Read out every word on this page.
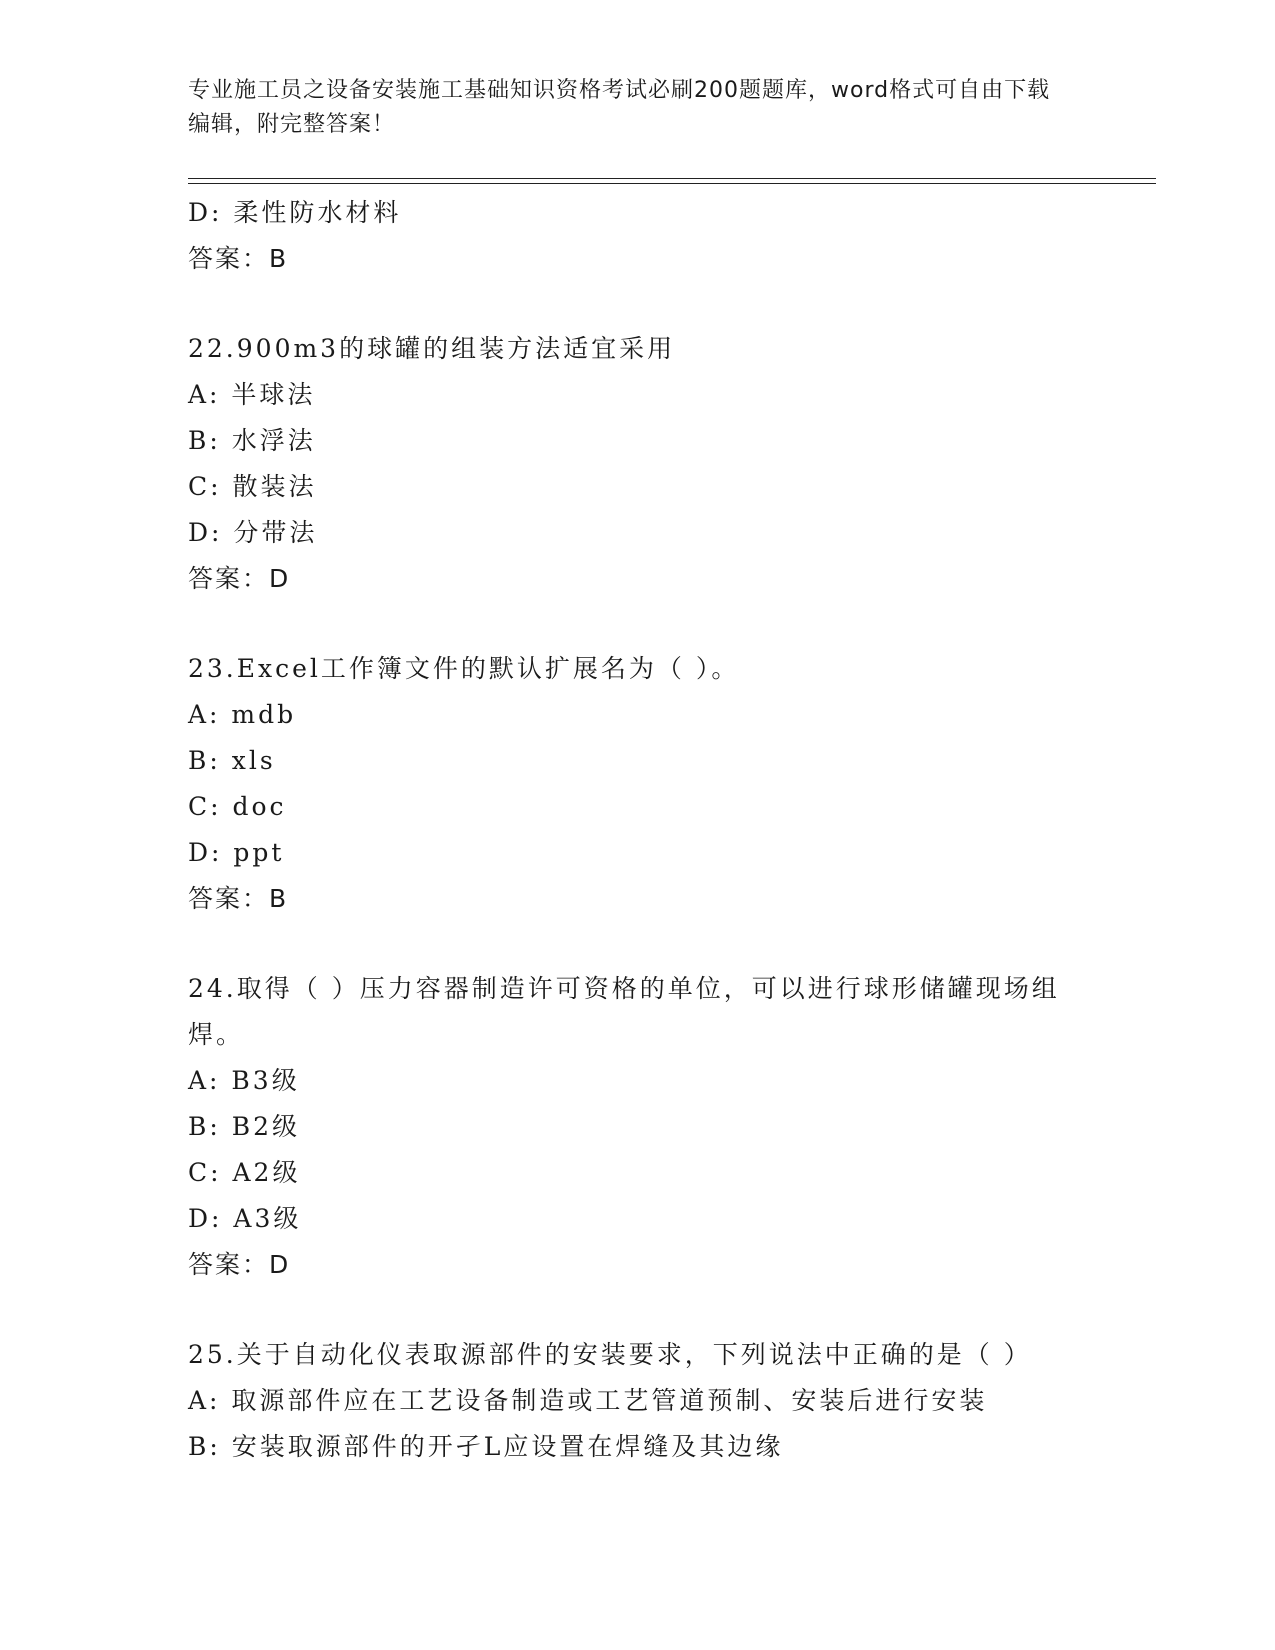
专业施工员之设备安装施工基础知识资格考试必刷200题题库，word格式可自由下载编辑，附完整答案！
D: 柔性防水材料
答案：B
22.900m3的球罐的组装方法适宜采用
A: 半球法
B: 水浮法
C: 散装法
D: 分带法
答案：D
23.Excel工作簿文件的默认扩展名为（ ）。
A: mdb
B: xls
C: doc
D: ppt
答案：B
24.取得（ ）压力容器制造许可资格的单位，可以进行球形储罐现场组焊。
A: B3级
B: B2级
C: A2级
D: A3级
答案：D
25.关于自动化仪表取源部件的安装要求，下列说法中正确的是（ ）
A: 取源部件应在工艺设备制造或工艺管道预制、安装后进行安装
B: 安装取源部件的开孑L应设置在焊缝及其边缘
